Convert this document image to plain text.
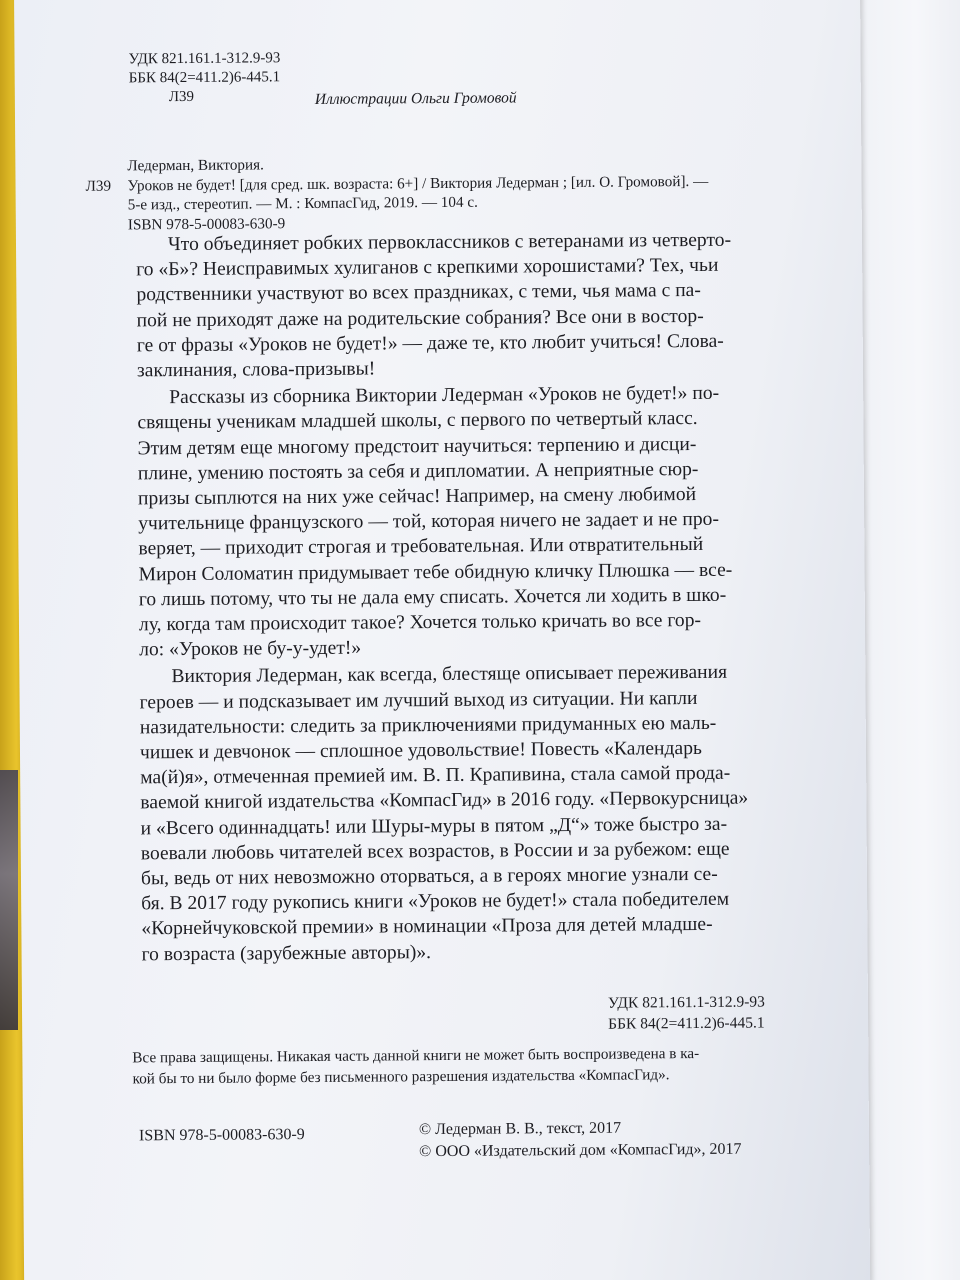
УДК 821.161.1-312.9-93
ББК 84(2=411.2)6-445.1
Л39	Иллюстрации Ольги Громовой
Ледерман, Виктория.
Л39	Уроков не будет! [для сред. шк. возраста: 6+] / Виктория Ледерман ; [ил. О. Громовой]. —
5-е изд., стереотип. — М. : КомпасГид, 2019. — 104 с.
ISBN 978-5-00083-630-9
Что объединяет робких первоклассников с ветеранами из четверто-
го «Б»? Неисправимых хулиганов с крепкими хорошистами? Тех, чьи
родственники участвуют во всех праздниках, с теми, чья мама с па-
пой не приходят даже на родительские собрания? Все они в востор-
ге от фразы «Уроков не будет!» — даже те, кто любит учиться! Слова-
заклинания, слова-призывы!
Рассказы из сборника Виктории Ледерман «Уроков не будет!» по-
священы ученикам младшей школы, с первого по четвертый класс.
Этим детям еще многому предстоит научиться: терпению и дисци-
плине, умению постоять за себя и дипломатии. А неприятные сюр-
призы сыплются на них уже сейчас! Например, на смену любимой
учительнице французского — той, которая ничего не задает и не про-
веряет, — приходит строгая и требовательная. Или отвратительный
Мирон Соломатин придумывает тебе обидную кличку Плюшка — все-
го лишь потому, что ты не дала ему списать. Хочется ли ходить в шко-
лу, когда там происходит такое? Хочется только кричать во все гор-
ло: «Уроков не бу-у-удет!»
Виктория Ледерман, как всегда, блестяще описывает переживания
героев — и подсказывает им лучший выход из ситуации. Ни капли
назидательности: следить за приключениями придуманных ею маль-
чишек и девчонок — сплошное удовольствие! Повесть «Календарь
ма(й)я», отмеченная премией им. В. П. Крапивина, стала самой прода-
ваемой книгой издательства «КомпасГид» в 2016 году. «Первокурсница»
и «Всего одиннадцать! или Шуры-муры в пятом „Д“» тоже быстро за-
воевали любовь читателей всех возрастов, в России и за рубежом: еще
бы, ведь от них невозможно оторваться, а в героях многие узнали се-
бя. В 2017 году рукопись книги «Уроков не будет!» стала победителем
«Корнейчуковской премии» в номинации «Проза для детей младше-
го возраста (зарубежные авторы)».
УДК 821.161.1-312.9-93
ББК 84(2=411.2)6-445.1
Все права защищены. Никакая часть данной книги не может быть воспроизведена в ка-
кой бы то ни было форме без письменного разрешения издательства «КомпасГид».
ISBN 978-5-00083-630-9	© Ледерман В. В., текст, 2017
© ООО «Издательский дом «КомпасГид», 2017
